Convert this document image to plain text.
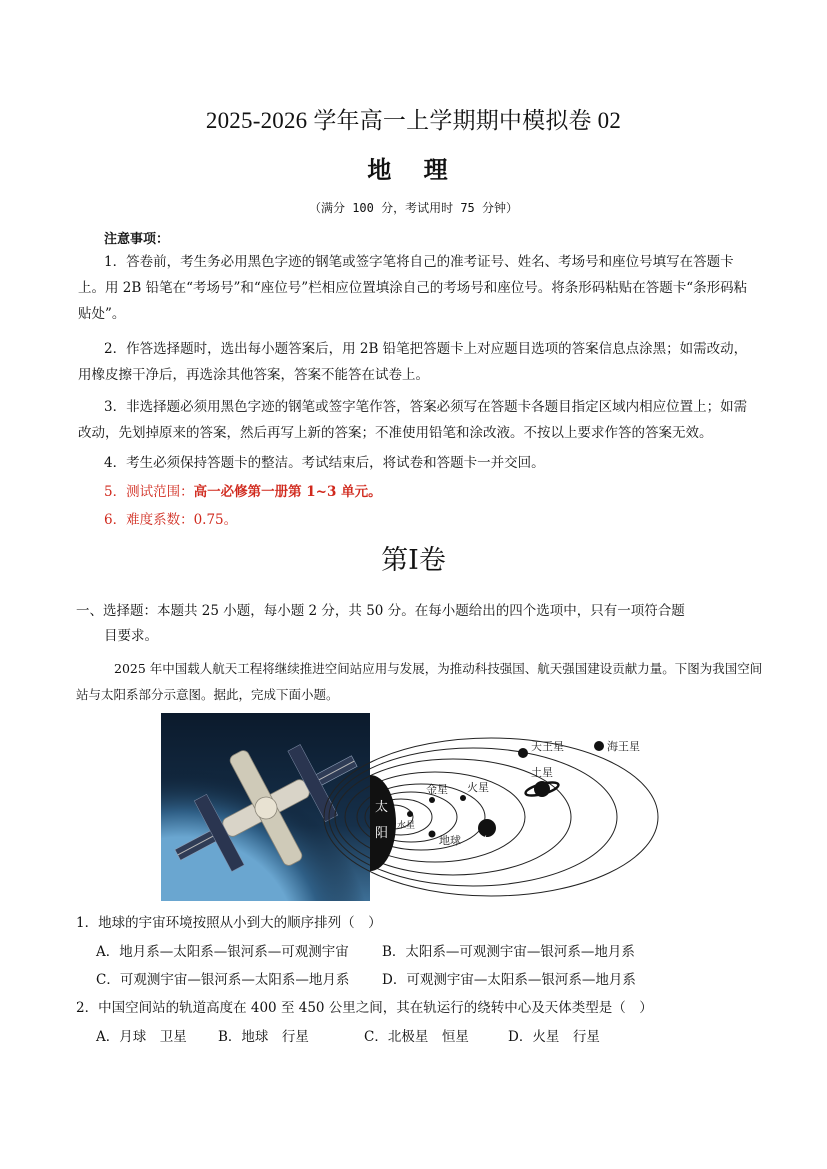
2025-2026 学年高一上学期期中模拟卷 02
地 理
（满分 100 分，考试用时 75 分钟）
注意事项：
1．答卷前，考生务必用黑色字迹的钢笔或签字笔将自己的准考证号、姓名、考场号和座位号填写在答题卡上。用 2B 铅笔在“考场号”和“座位号”栏相应位置填涂自己的考场号和座位号。将条形码粘贴在答题卡“条形码粘贴处”。
2．作答选择题时，选出每小题答案后，用 2B 铅笔把答题卡上对应题目选项的答案信息点涂黑；如需改动，用橡皮擦干净后，再选涂其他答案，答案不能答在试卷上。
3．非选择题必须用黑色字迹的钢笔或签字笔作答，答案必须写在答题卡各题目指定区域内相应位置上；如需改动，先划掉原来的答案，然后再写上新的答案；不准使用铅笔和涂改液。不按以上要求作答的答案无效。
4．考生必须保持答题卡的整洁。考试结束后，将试卷和答题卡一并交回。
5．测试范围：高一必修第一册第 1~3 单元。
6．难度系数：0.75。
第Ⅰ卷
一、选择题：本题共 25 小题，每小题 2 分，共 50 分。在每小题给出的四个选项中，只有一项符合题
目要求。
2025 年中国载人航天工程将继续推进空间站应用与发展，为推动科技强国、航天强国建设贡献力量。下图为我国空间站与太阳系部分示意图。据此，完成下面小题。
太
阳 水星
金星
地球
火星
木星
土星
天王星	海王星
1．地球的宇宙环境按照从小到大的顺序排列（　）
A．地月系—太阳系—银河系—可观测宇宙 B．太阳系—可观测宇宙—银河系—地月系
C．可观测宇宙—银河系—太阳系—地月系 D．可观测宇宙—太阳系—银河系—地月系
2．中国空间站的轨道高度在 400 至 450 公里之间，其在轨运行的绕转中心及天体类型是（　）
A．月球　卫星 B．地球　行星	C．北极星　恒星	D．火星　行星
